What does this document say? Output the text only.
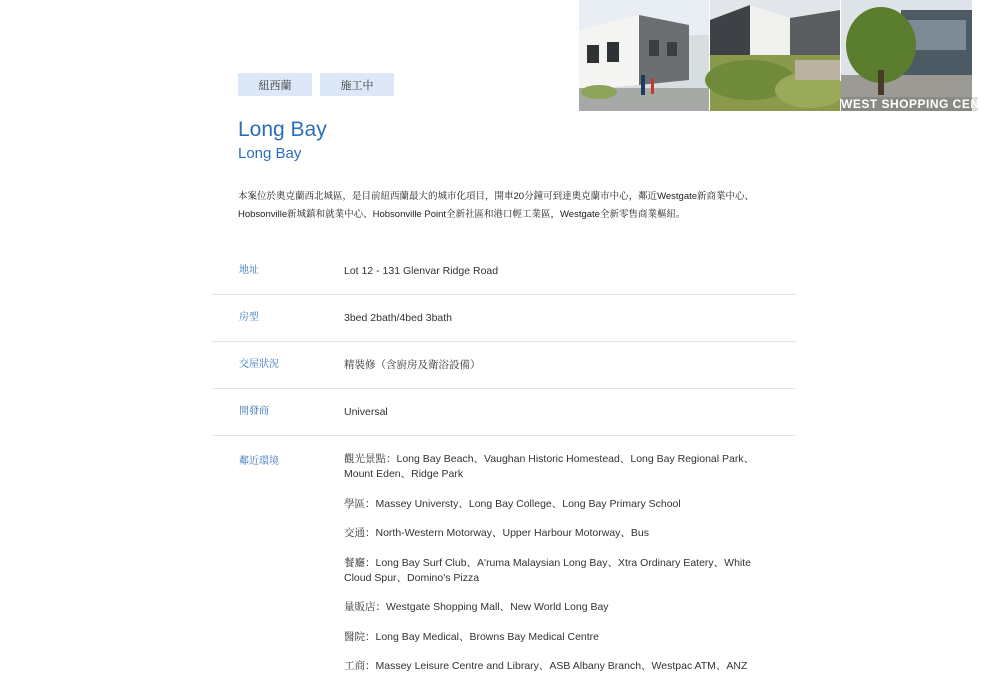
紐西蘭	施工中
WEST SHOPPING CENTRE
Long Bay
Long Bay
本案位於奧克蘭西北城區，是目前紐西蘭最大的城市化項目，開車20分鐘可到達奧克蘭市中心，鄰近Westgate新商業中心、Hobsonville新城鎮和就業中心、Hobsonville Point全新社區和港口輕工業區，Westgate全新零售商業樞紐。
地址	Lot 12 - 131 Glenvar Ridge Road
房型	3bed 2bath/4bed 3bath
交屋狀況	精裝修（含廚房及衛浴設備）
開發商	Universal
鄰近環境	觀光景點：Long Bay Beach、Vaughan Historic Homestead、Long Bay Regional Park、Mount Eden、Ridge Park
學區：Massey Universty、Long Bay College、Long Bay Primary School
交通：North-Western Motorway、Upper Harbour Motorway、Bus
餐廳：Long Bay Surf Club、A'ruma Malaysian Long Bay、Xtra Ordinary Eatery、White Cloud Spur、Domino's Pizza
量販店：Westgate Shopping Mall、New World Long Bay
醫院：Long Bay Medical、Browns Bay Medical Centre
工商：Massey Leisure Centre and Library、ASB Albany Branch、Westpac ATM、ANZ
